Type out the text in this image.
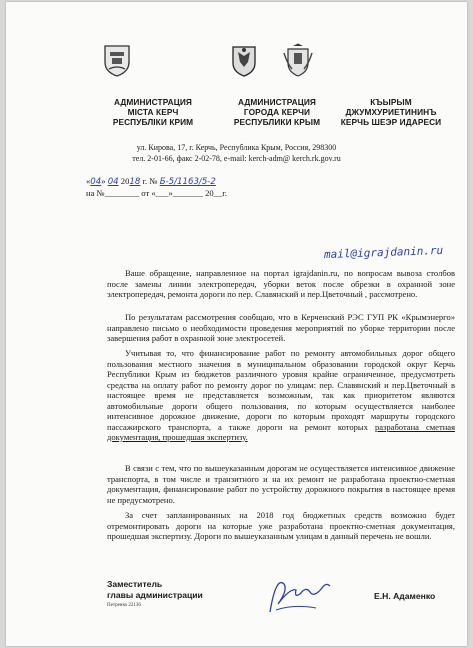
АДМИНИСТРАЦИЯ
МІСТА КЕРЧ
РЕСПУБЛІКИ КРИМ
АДМИНИСТРАЦИЯ
ГОРОДА КЕРЧИ
РЕСПУБЛИКИ КРЫМ
КЪЫРЫМ
ДЖУМХУРИЕТИНИНЪ
КЕРЧЬ ШЕЭР ИДАРЕСИ
ул. Кирова, 17, г. Керчь, Республика Крым, Россия, 298300
тел. 2-01-66, факс 2-02-78, e-mail: kerch-adm@ kerch.rk.gov.ru
«04» 04 2018 г. № Б-5/1163/5-2
на №________ от «___»_______ 20__г.
mail@igrajdanin.ru

Ваше обращение, направленное на портал igrajdanin.ru, по вопросам вывоза столбов после замены линии электропередач, уборки веток после обрезки в охранной зоне электропередач, ремонта дороги по пер. Славянский и пер.Цветочный , рассмотрено.

По результатам рассмотрения сообщаю, что в Керченский РЭС ГУП РК «Крымэнерго» направлено письмо о необходимости проведения мероприятий по уборке территории после завершения работ в охранной зоне электросетей.

Учитывая то, что финансирование работ по ремонту автомобильных дорог общего пользования местного значения в муниципальном образовании городской округ Керчь Республики Крым из бюджетов различного уровня крайне ограниченное, предусмотреть средства на оплату работ по ремонту дорог по улицам: пер. Славянский и пер.Цветочный в настоящее время не представляется возможным, так как приоритетом являются автомобильные дороги общего пользования, по которым осуществляется наиболее интенсивное дорожное движение, дороги по которым проходят маршруты городского пассажирского транспорта, а также дороги на ремонт которых разработана сметная документация, прошедшая экспертизу.

В связи с тем, что по вышеуказанным дорогам не осуществляется интенсивное движение транспорта, в том числе и транзитного и на их ремонт не разработана проектно-сметная документация, финансирование работ по устройству дорожного покрытия в настоящее время не предусмотрено.

За счет запланированных на 2018 год бюджетных средств возможно будет отремонтировать дороги на которые уже разработана проектно-сметная документация, прошедшая экспертизу. Дороги по вышеуказанным улицам в данный перечень не вошли.

Заместитель
главы администрации
Петренко 22136
Е.Н. Адаменко
